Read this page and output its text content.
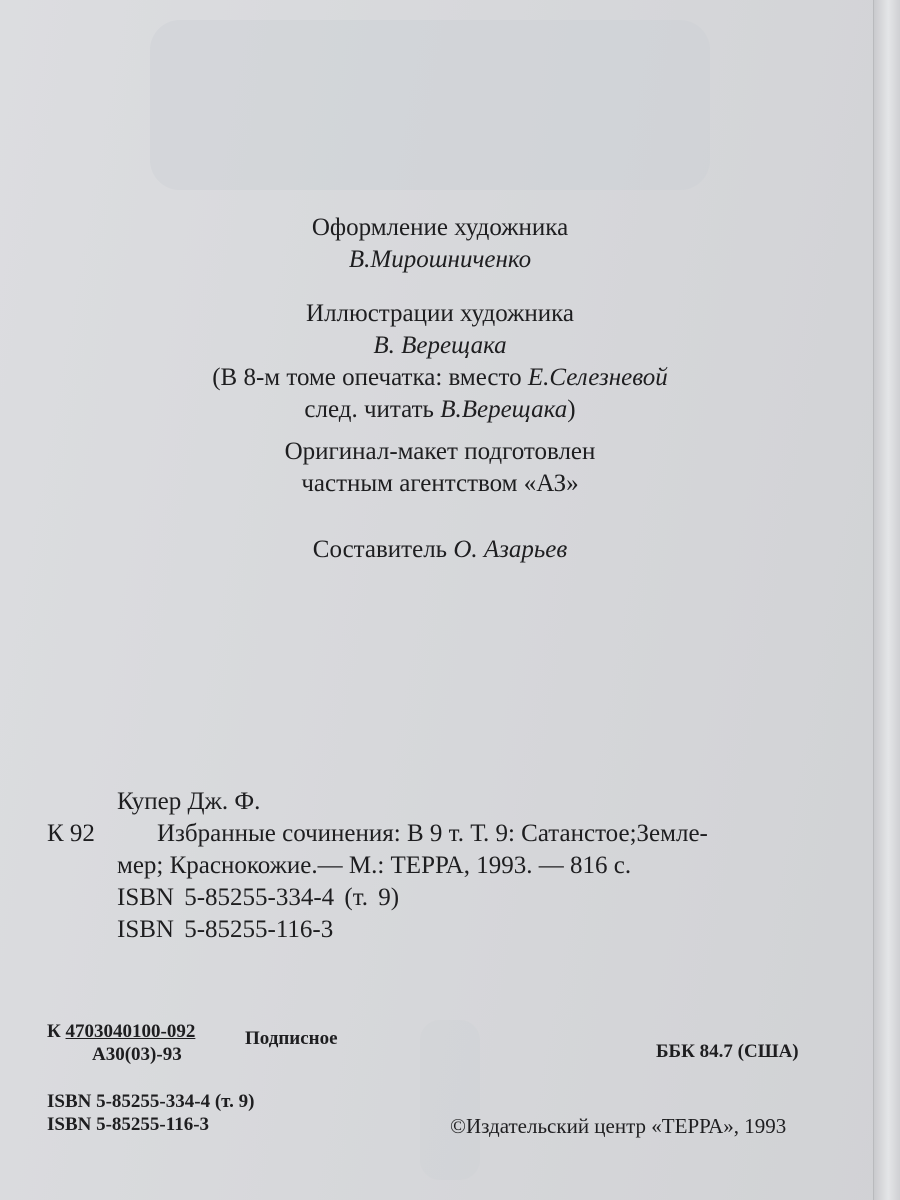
Оформление художника
В.Мирошниченко
Иллюстрации художника
В. Верещака
(В 8-м томе опечатка: вместо Е.Селезневой
след. читать В.Верещака)
Оригинал-макет подготовлен
частным агентством «АЗ»
Составитель О. Азарьев
Купер Дж. Ф.
К 92 Избранные сочинения: В 9 т. Т. 9: Сатанстое;Земле-
мер; Краснокожие.— М.: ТЕРРА, 1993. — 816 с.
ISBN 5-85255-334-4 (т. 9)
ISBN 5-85255-116-3
К 4703040100-092
А30(03)-93
Подписное
ББК 84.7 (США)
ISBN 5-85255-334-4 (т. 9)
ISBN 5-85255-116-3	©Издательский центр «ТЕРРА», 1993
